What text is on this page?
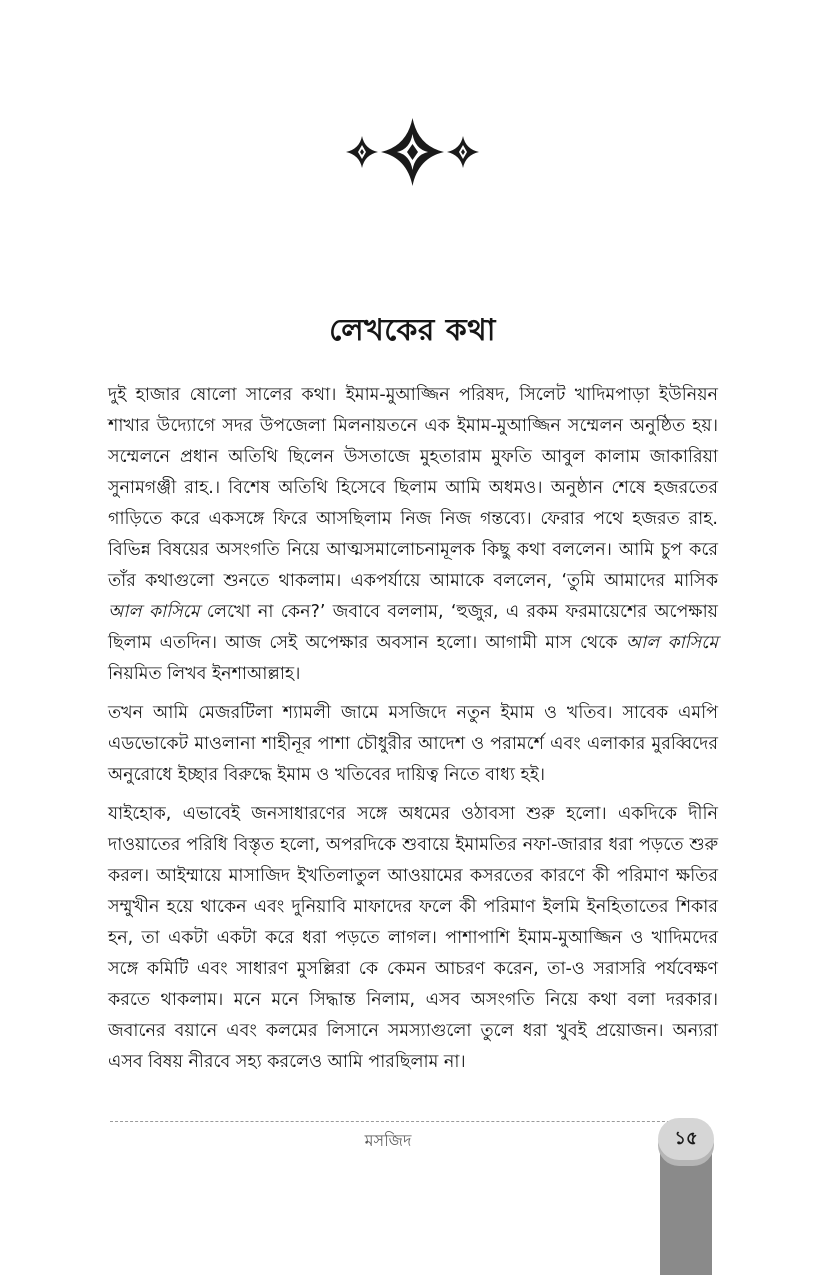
লেখকের কথা

দুই হাজার ষোলো সালের কথা। ইমাম-মুআজ্জিন পরিষদ, সিলেট খাদিমপাড়া ইউনিয়ন শাখার উদ্যোগে সদর উপজেলা মিলনায়তনে এক ইমাম-মুআজ্জিন সম্মেলন অনুষ্ঠিত হয়। সম্মেলনে প্রধান অতিথি ছিলেন উসতাজে মুহতারাম মুফতি আবুল কালাম জাকারিয়া সুনামগঞ্জী রাহ.। বিশেষ অতিথি হিসেবে ছিলাম আমি অধমও। অনুষ্ঠান শেষে হজরতের গাড়িতে করে একসঙ্গে ফিরে আসছিলাম নিজ নিজ গন্তব্যে। ফেরার পথে হজরত রাহ. বিভিন্ন বিষয়ের অসংগতি নিয়ে আত্মসমালোচনামূলক কিছু কথা বললেন। আমি চুপ করে তাঁর কথাগুলো শুনতে থাকলাম। একপর্যায়ে আমাকে বললেন, ‘তুমি আমাদের মাসিক আল কাসিমে লেখো না কেন?’ জবাবে বললাম, ‘হুজুর, এ রকম ফরমায়েশের অপেক্ষায় ছিলাম এতদিন। আজ সেই অপেক্ষার অবসান হলো। আগামী মাস থেকে আল কাসিমে নিয়মিত লিখব ইনশাআল্লাহ।

তখন আমি মেজরটিলা শ্যামলী জামে মসজিদে নতুন ইমাম ও খতিব। সাবেক এমপি এডভোকেট মাওলানা শাহীনূর পাশা চৌধুরীর আদেশ ও পরামর্শে এবং এলাকার মুরব্বিদের অনুরোধে ইচ্ছার বিরুদ্ধে ইমাম ও খতিবের দায়িত্ব নিতে বাধ্য হই।

যাইহোক, এভাবেই জনসাধারণের সঙ্গে অধমের ওঠাবসা শুরু হলো। একদিকে দীনি দাওয়াতের পরিধি বিস্তৃত হলো, অপরদিকে শুবায়ে ইমামতির নফা-জারার ধরা পড়তে শুরু করল। আইম্মায়ে মাসাজিদ ইখতিলাতুল আওয়ামের কসরতের কারণে কী পরিমাণ ক্ষতির সম্মুখীন হয়ে থাকেন এবং দুনিয়াবি মাফাদের ফলে কী পরিমাণ ইলমি ইনহিতাতের শিকার হন, তা একটা একটা করে ধরা পড়তে লাগল। পাশাপাশি ইমাম-মুআজ্জিন ও খাদিমদের সঙ্গে কমিটি এবং সাধারণ মুসল্লিরা কে কেমন আচরণ করেন, তা-ও সরাসরি পর্যবেক্ষণ করতে থাকলাম। মনে মনে সিদ্ধান্ত নিলাম, এসব অসংগতি নিয়ে কথা বলা দরকার। জবানের বয়ানে এবং কলমের লিসানে সমস্যাগুলো তুলে ধরা খুবই প্রয়োজন। অন্যরা এসব বিষয় নীরবে সহ্য করলেও আমি পারছিলাম না।

মসজিদ	১৫
